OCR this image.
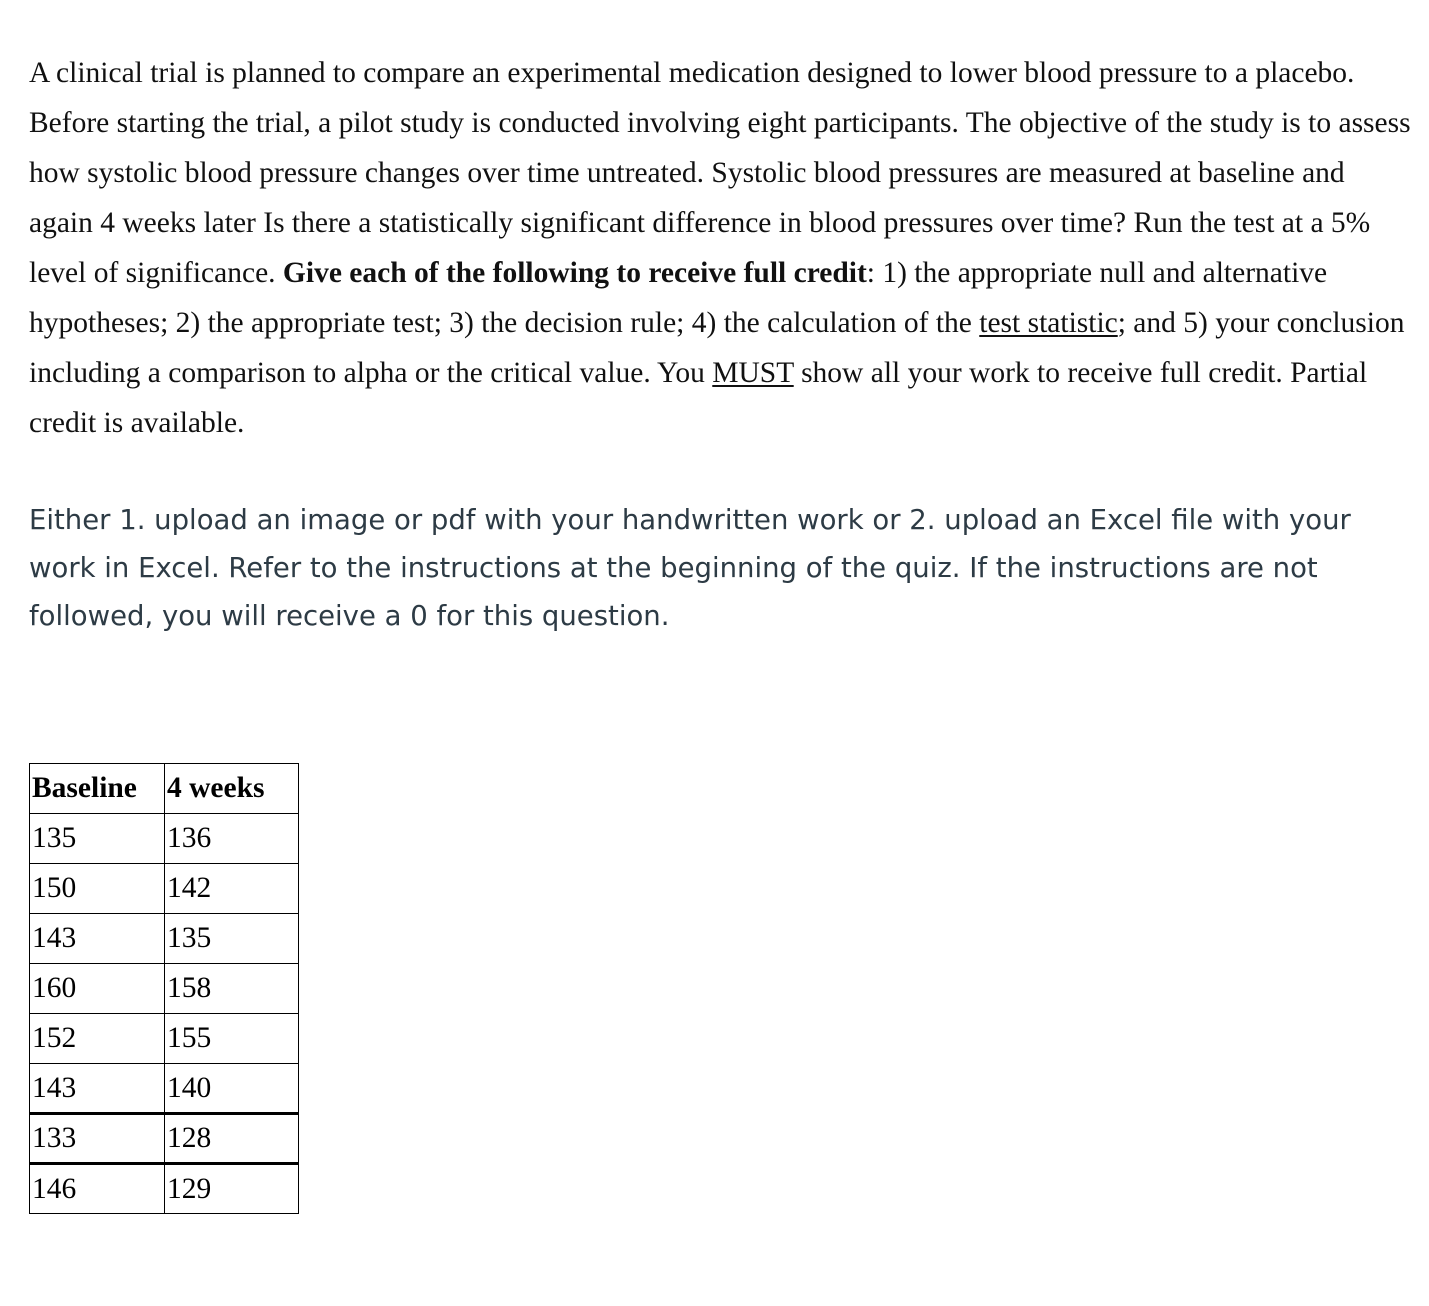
A clinical trial is planned to compare an experimental medication designed to lower blood pressure to a placebo. Before starting the trial, a pilot study is conducted involving eight participants. The objective of the study is to assess how systolic blood pressure changes over time untreated. Systolic blood pressures are measured at baseline and again 4 weeks later Is there a statistically significant difference in blood pressures over time? Run the test at a 5% level of significance. Give each of the following to receive full credit: 1) the appropriate null and alternative hypotheses; 2) the appropriate test; 3) the decision rule; 4) the calculation of the test statistic; and 5) your conclusion including a comparison to alpha or the critical value. You MUST show all your work to receive full credit. Partial credit is available.

Either 1. upload an image or pdf with your handwritten work or 2. upload an Excel file with your work in Excel. Refer to the instructions at the beginning of the quiz. If the instructions are not followed, you will receive a 0 for this question.

Baseline	4 weeks
135	136
150	142
143	135
160	158
152	155
143	140
133	128
146	129
